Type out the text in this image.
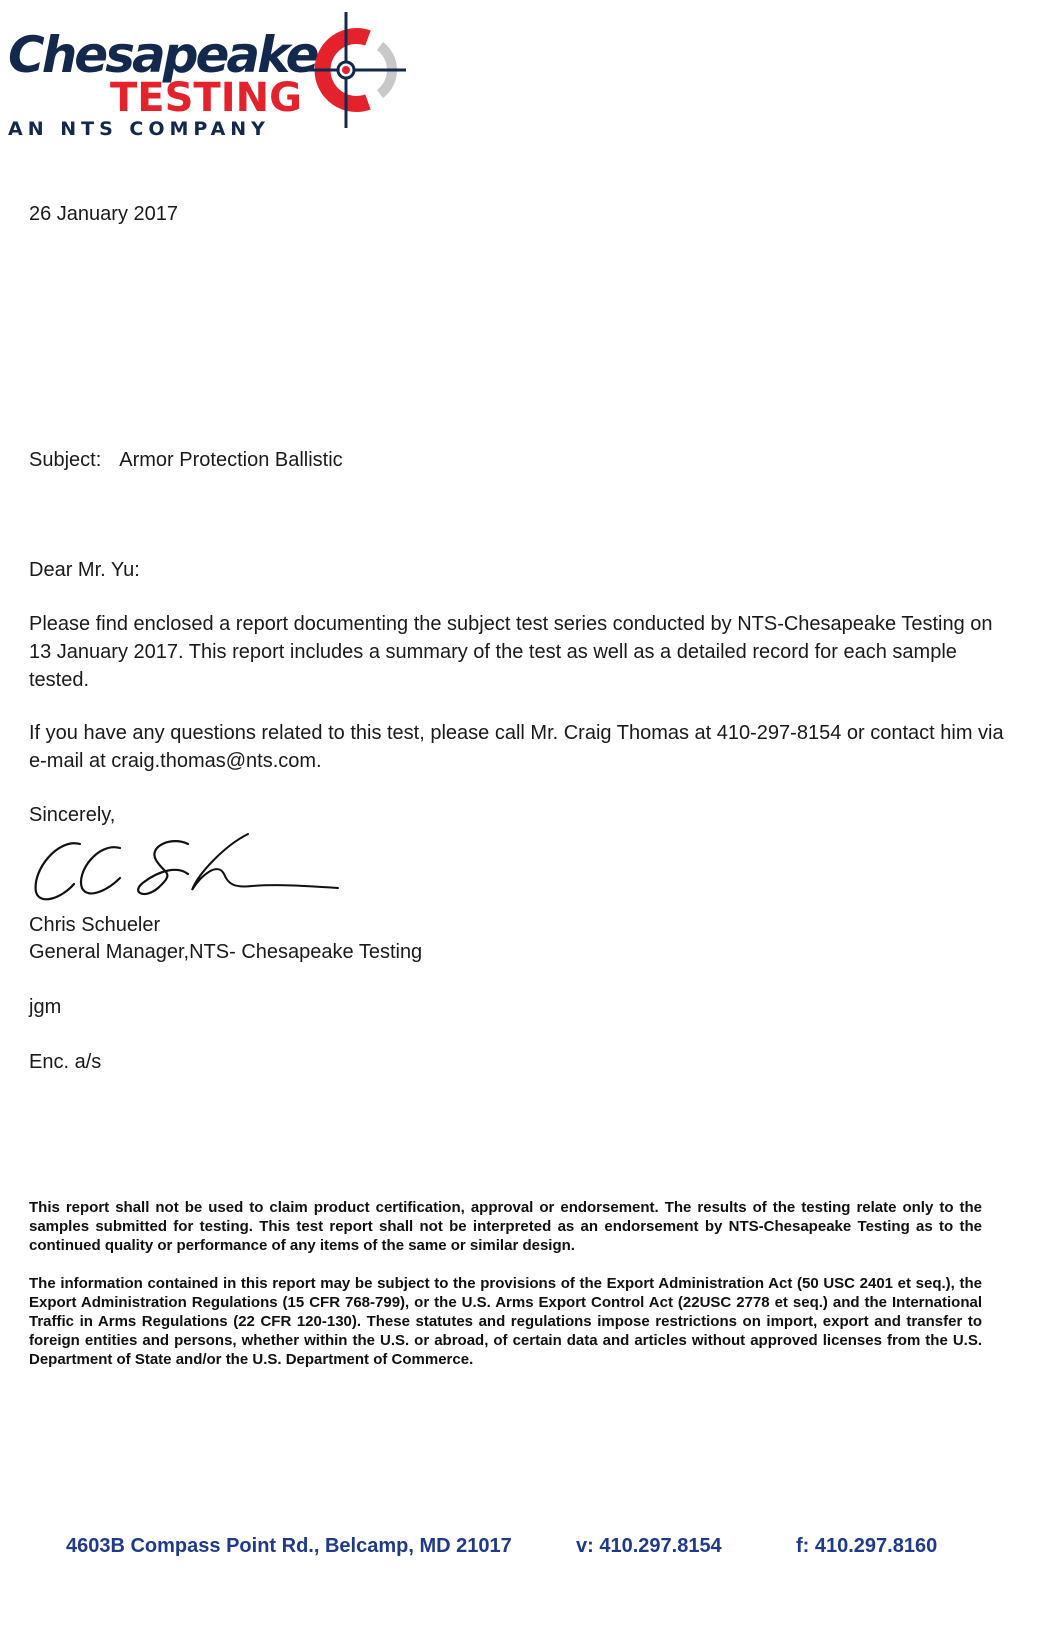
Chesapeake
TESTING
AN NTS COMPANY
26 January 2017
Subject: Armor Protection Ballistic
Dear Mr. Yu:
Please find enclosed a report documenting the subject test series conducted by NTS-Chesapeake Testing on 13 January 2017. This report includes a summary of the test as well as a detailed record for each sample tested.
If you have any questions related to this test, please call Mr. Craig Thomas at 410-297-8154 or contact him via e-mail at craig.thomas@nts.com.
Sincerely,
Chris Schueler
General Manager,NTS- Chesapeake Testing
jgm
Enc. a/s
This report shall not be used to claim product certification, approval or endorsement. The results of the testing relate only to the samples submitted for testing. This test report shall not be interpreted as an endorsement by NTS-Chesapeake Testing as to the continued quality or performance of any items of the same or similar design.
The information contained in this report may be subject to the provisions of the Export Administration Act (50 USC 2401 et seq.), the Export Administration Regulations (15 CFR 768-799), or the U.S. Arms Export Control Act (22USC 2778 et seq.) and the International Traffic in Arms Regulations (22 CFR 120-130). These statutes and regulations impose restrictions on import, export and transfer to foreign entities and persons, whether within the U.S. or abroad, of certain data and articles without approved licenses from the U.S. Department of State and/or the U.S. Department of Commerce.
4603B Compass Point Rd., Belcamp, MD 21017	v: 410.297.8154	f: 410.297.8160
